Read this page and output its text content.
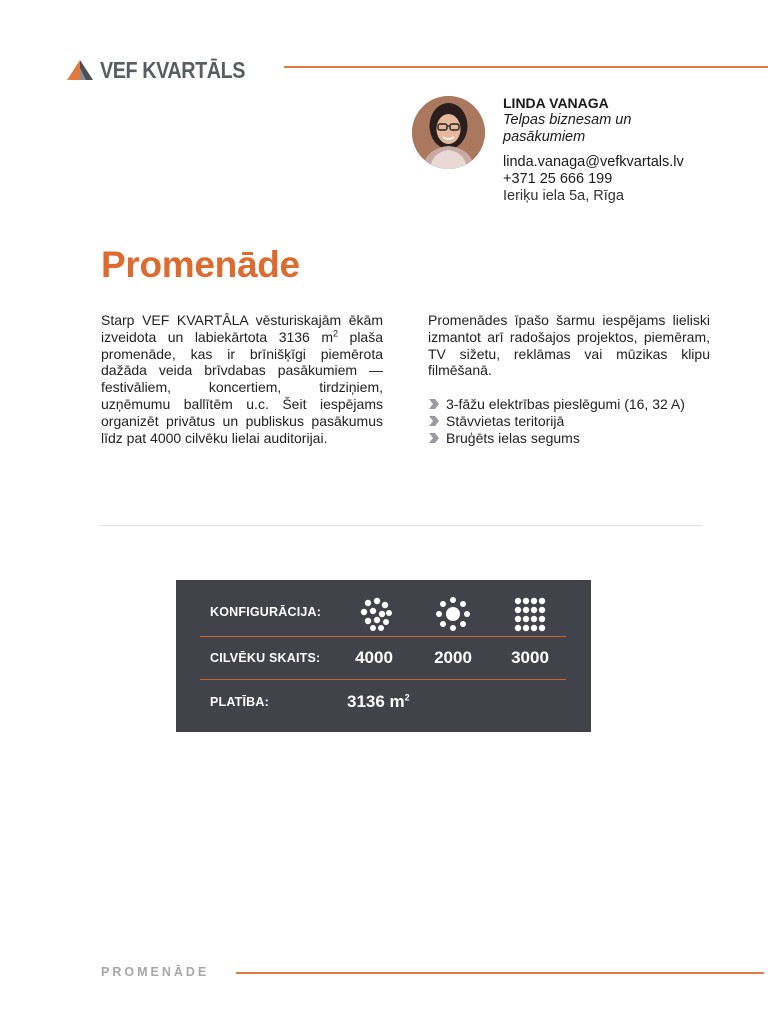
VEF KVARTĀLS
LINDA VANAGA
Telpas biznesam un pasākumiem
linda.vanaga@vefkvartals.lv
+371 25 666 199
Ieriķu iela 5a, Rīga
Promenāde
Starp VEF KVARTĀLA vēsturiskajām ēkām izveidota un labiekārtota 3136 $m^2$ plaša promenāde, kas ir brīnišķīgi piemērota dažāda veida brīvdabas pasākumiem — festivāliem, koncertiem, tirdziņiem, uzņēmumu ballītēm u.c. Šeit iespējams organizēt privātus un publiskus pasākumus līdz pat 4000 cilvēku lielai auditorijai.
Promenādes īpašo šarmu iespējams lieliski izmantot arī radošajos projektos, piemēram, TV sižetu, reklāmas vai mūzikas klipu filmēšanā.
3-fāžu elektrības pieslēgumi (16, 32 A)
Stāvvietas teritorijā
Bruģēts ielas segums
KONFIGURĀCIJA:
CILVĒKU SKAITS:	4000	2000	3000
PLATĪBA:	3136 $m^2$
PROMENĀDE
